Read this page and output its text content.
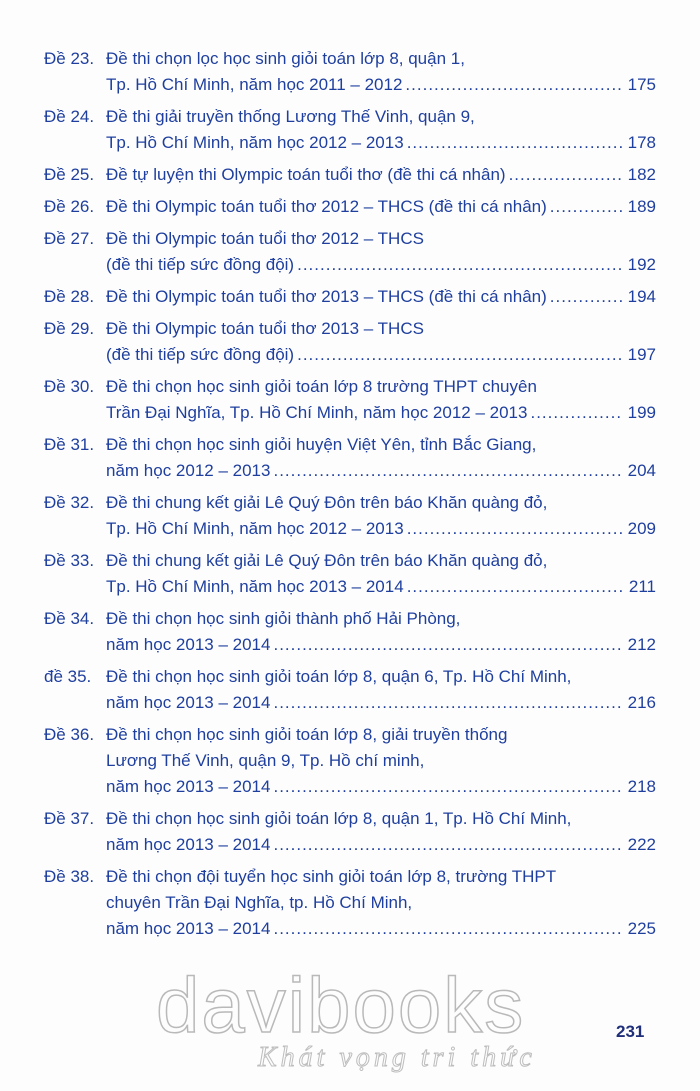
Đề 23. Đề thi chọn lọc học sinh giỏi toán lớp 8, quận 1,
Tp. Hồ Chí Minh, năm học 2011 – 2012 .....	175
Đề 24. Đề thi giải truyền thống Lương Thế Vinh, quận 9,
Tp. Hồ Chí Minh, năm học 2012 – 2013 .....	178
Đề 25. Đề tự luyện thi Olympic toán tuổi thơ (đề thi cá nhân) .....	182
Đề 26. Đề thi Olympic toán tuổi thơ 2012 – THCS (đề thi cá nhân) .....	189
Đề 27. Đề thi Olympic toán tuổi thơ 2012 – THCS
(đề thi tiếp sức đồng đội) .....	192
Đề 28. Đề thi Olympic toán tuổi thơ 2013 – THCS (đề thi cá nhân) .....	194
Đề 29. Đề thi Olympic toán tuổi thơ 2013 – THCS
(đề thi tiếp sức đồng đội) .....	197
Đề 30. Đề thi chọn học sinh giỏi toán lớp 8 trường THPT chuyên
Trần Đại Nghĩa, Tp. Hồ Chí Minh, năm học 2012 – 2013 .....	199
Đề 31. Đề thi chọn học sinh giỏi huyện Việt Yên, tỉnh Bắc Giang,
năm học 2012 – 2013 .....	204
Đề 32. Đề thi chung kết giải Lê Quý Đôn trên báo Khăn quàng đỏ,
Tp. Hồ Chí Minh, năm học 2012 – 2013 .....	209
Đề 33. Đề thi chung kết giải Lê Quý Đôn trên báo Khăn quàng đỏ,
Tp. Hồ Chí Minh, năm học 2013 – 2014 .....	211
Đề 34. Đề thi chọn học sinh giỏi thành phố Hải Phòng,
năm học 2013 – 2014 .....	212
đề 35. Đề thi chọn học sinh giỏi toán lớp 8, quận 6, Tp. Hồ Chí Minh,
năm học 2013 – 2014 .....	216
Đề 36. Đề thi chọn học sinh giỏi toán lớp 8, giải truyền thống
Lương Thế Vinh, quận 9, Tp. Hồ chí minh,
năm học 2013 – 2014 .....	218
Đề 37. Đề thi chọn học sinh giỏi toán lớp 8, quận 1, Tp. Hồ Chí Minh,
năm học 2013 – 2014 .....	222
Đề 38. Đề thi chọn đội tuyển học sinh giỏi toán lớp 8, trường THPT
chuyên Trần Đại Nghĩa, tp. Hồ Chí Minh,
năm học 2013 – 2014 .....	225
davibooks
Khát vọng tri thức
231
